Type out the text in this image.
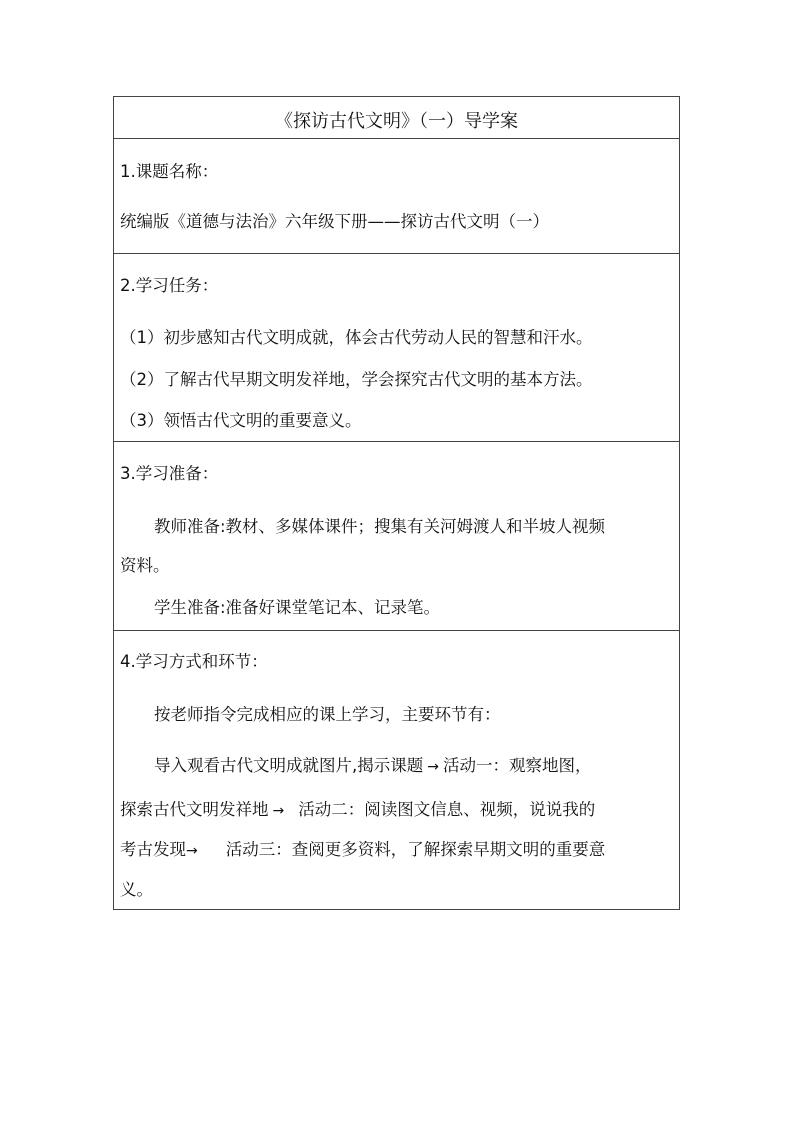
《探访古代文明》（一）导学案
1.课题名称：
统编版《道德与法治》六年级下册——探访古代文明（一）
2.学习任务：
（1）初步感知古代文明成就，体会古代劳动人民的智慧和汗水。
（2）了解古代早期文明发祥地，学会探究古代文明的基本方法。
（3）领悟古代文明的重要意义。
3.学习准备：
教师准备:教材、多媒体课件；搜集有关河姆渡人和半坡人视频
资料。
学生准备:准备好课堂笔记本、记录笔。
4.学习方式和环节：
按老师指令完成相应的课上学习，主要环节有：
导入观看古代文明成就图片,揭示课题 → 活动一：观察地图，
探索古代文明发祥地 → 活动二：阅读图文信息、视频，说说我的
考古发现→ 活动三：查阅更多资料，了解探索早期文明的重要意
义。
